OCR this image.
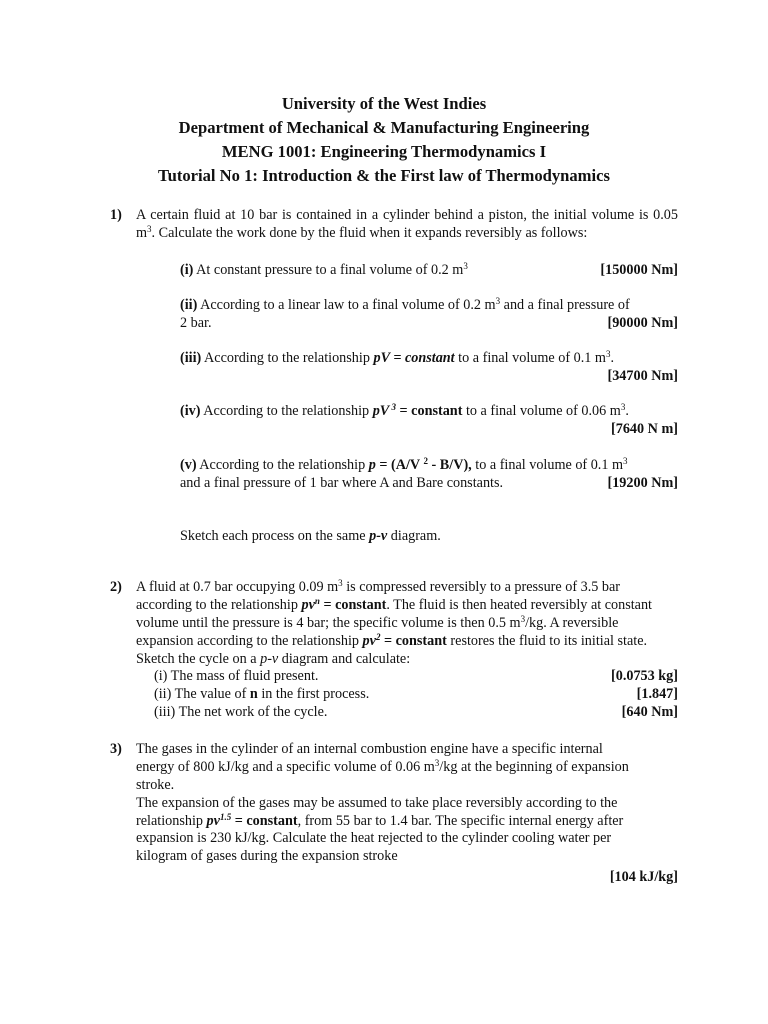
University of the West Indies
Department of Mechanical & Manufacturing Engineering
MENG 1001: Engineering Thermodynamics I
Tutorial No 1: Introduction & the First law of Thermodynamics
1) A certain fluid at 10 bar is contained in a cylinder behind a piston, the initial volume is 0.05 $m^3$. Calculate the work done by the fluid when it expands reversibly as follows:
(i) At constant pressure to a final volume of 0.2 $m^3$	[150000 Nm]
(ii) According to a linear law to a final volume of 0.2 $m^3$ and a final pressure of
2 bar.	[90000 Nm]
(iii) According to the relationship pV = constant to a final volume of 0.1 $m^3$.
[34700 Nm]
(iv) According to the relationship pV $^3$ = constant to a final volume of 0.06 $m^3$.
[7640 N m]
(v) According to the relationship p = (A/V $^2$ - B/V), to a final volume of 0.1 $m^3$
and a final pressure of 1 bar where A and Bare constants.	[19200 Nm]
Sketch each process on the same p-v diagram.
2) A fluid at 0.7 bar occupying 0.09 $m^3$ is compressed reversibly to a pressure of 3.5 bar
according to the relationship $pv^n$ = constant. The fluid is then heated reversibly at constant
volume until the pressure is 4 bar; the specific volume is then 0.5 $m^3/kg$. A reversible
expansion according to the relationship $pv^2$ = constant restores the fluid to its initial state.
Sketch the cycle on a p-v diagram and calculate:
(i) The mass of fluid present.	[0.0753 kg]
(ii) The value of n in the first process.	[1.847]
(iii) The net work of the cycle.	[640 Nm]
3) The gases in the cylinder of an internal combustion engine have a specific internal
energy of 800 kJ/kg and a specific volume of 0.06 $m^3/kg$ at the beginning of expansion
stroke.
The expansion of the gases may be assumed to take place reversibly according to the
relationship $pv^{1.5}$ = constant, from 55 bar to 1.4 bar. The specific internal energy after
expansion is 230 kJ/kg. Calculate the heat rejected to the cylinder cooling water per
kilogram of gases during the expansion stroke
[104 kJ/kg]
